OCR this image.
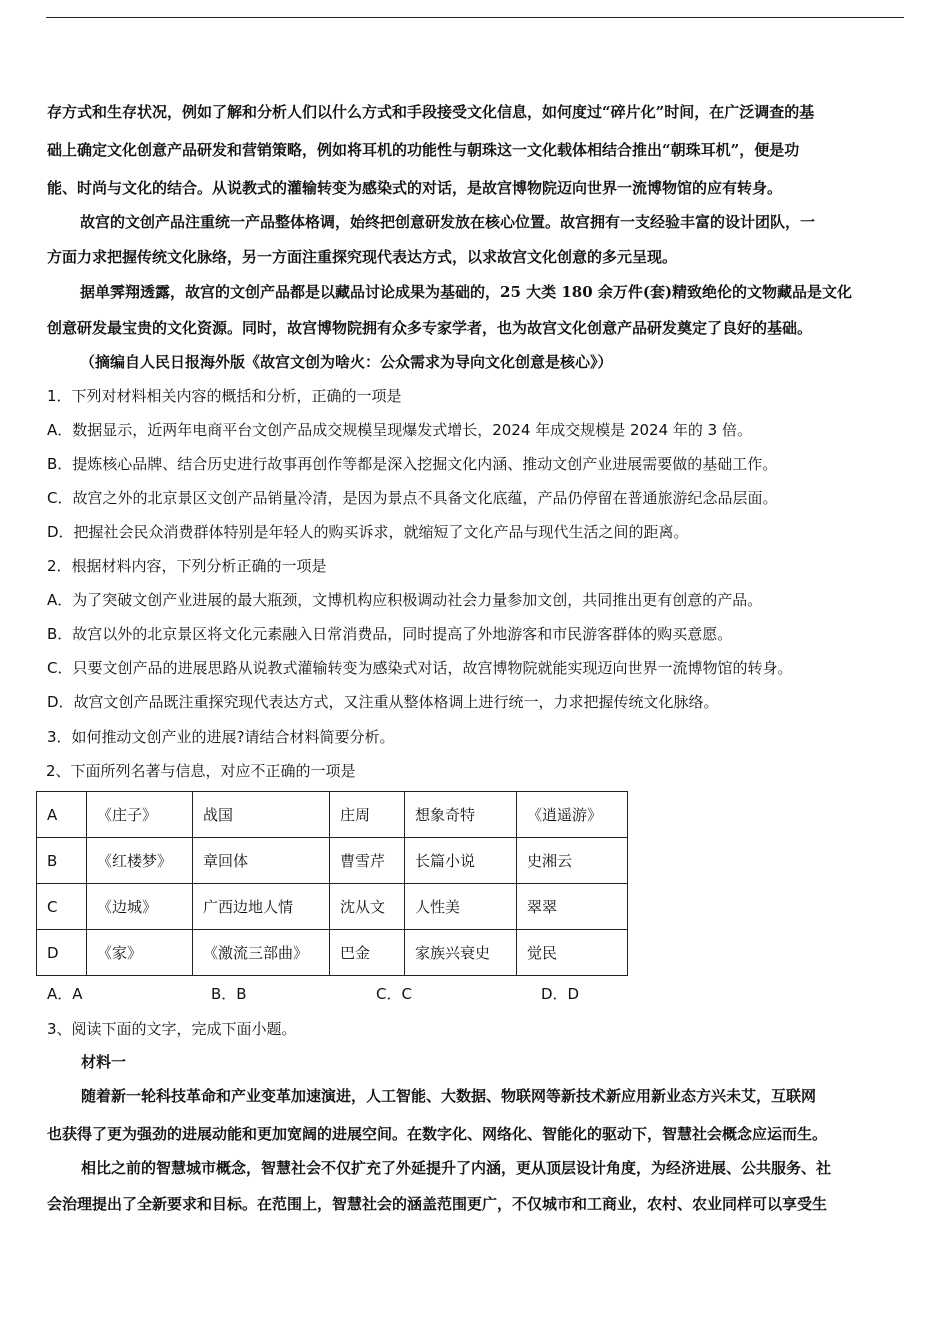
存方式和生存状况，例如了解和分析人们以什么方式和手段接受文化信息，如何度过“碎片化”时间，在广泛调查的基
础上确定文化创意产品研发和营销策略，例如将耳机的功能性与朝珠这一文化载体相结合推出“朝珠耳机”，便是功
能、时尚与文化的结合。从说教式的灌输转变为感染式的对话，是故宫博物院迈向世界一流博物馆的应有转身。
故宫的文创产品注重统一产品整体格调，始终把创意研发放在核心位置。故宫拥有一支经验丰富的设计团队，一
方面力求把握传统文化脉络，另一方面注重探究现代表达方式，以求故宫文化创意的多元呈现。
据单霁翔透露，故宫的文创产品都是以藏品讨论成果为基础的，25 大类 180 余万件(套)精致绝伦的文物藏品是文化
创意研发最宝贵的文化资源。同时，故宫博物院拥有众多专家学者，也为故宫文化创意产品研发奠定了良好的基础。
（摘编自人民日报海外版《故宫文创为啥火：公众需求为导向文化创意是核心》）
1．下列对材料相关内容的概括和分析，正确的一项是
A．数据显示，近两年电商平台文创产品成交规模呈现爆发式增长，2024 年成交规模是 2024 年的 3 倍。
B．提炼核心品牌、结合历史进行故事再创作等都是深入挖掘文化内涵、推动文创产业进展需要做的基础工作。
C．故宫之外的北京景区文创产品销量冷清，是因为景点不具备文化底蕴，产品仍停留在普通旅游纪念品层面。
D．把握社会民众消费群体特别是年轻人的购买诉求，就缩短了文化产品与现代生活之间的距离。
2．根据材料内容，下列分析正确的一项是
A．为了突破文创产业进展的最大瓶颈，文博机构应积极调动社会力量参加文创，共同推出更有创意的产品。
B．故宫以外的北京景区将文化元素融入日常消费品，同时提高了外地游客和市民游客群体的购买意愿。
C．只要文创产品的进展思路从说教式灌输转变为感染式对话，故宫博物院就能实现迈向世界一流博物馆的转身。
D．故宫文创产品既注重探究现代表达方式，又注重从整体格调上进行统一，力求把握传统文化脉络。
3．如何推动文创产业的进展?请结合材料简要分析。
2、下面所列名著与信息，对应不正确的一项是
A	《庄子》	战国	庄周	想象奇特	《逍遥游》
B	《红楼梦》	章回体	曹雪芹	长篇小说	史湘云
C	《边城》	广西边地人情	沈从文	人性美	翠翠
D	《家》	《激流三部曲》	巴金	家族兴衰史	觉民
A．A	B．B	C．C	D．D
3、阅读下面的文字，完成下面小题。
材料一
随着新一轮科技革命和产业变革加速演进，人工智能、大数据、物联网等新技术新应用新业态方兴未艾，互联网
也获得了更为强劲的进展动能和更加宽阔的进展空间。在数字化、网络化、智能化的驱动下，智慧社会概念应运而生。
相比之前的智慧城市概念，智慧社会不仅扩充了外延提升了内涵，更从顶层设计角度，为经济进展、公共服务、社
会治理提出了全新要求和目标。在范围上，智慧社会的涵盖范围更广，不仅城市和工商业，农村、农业同样可以享受生
